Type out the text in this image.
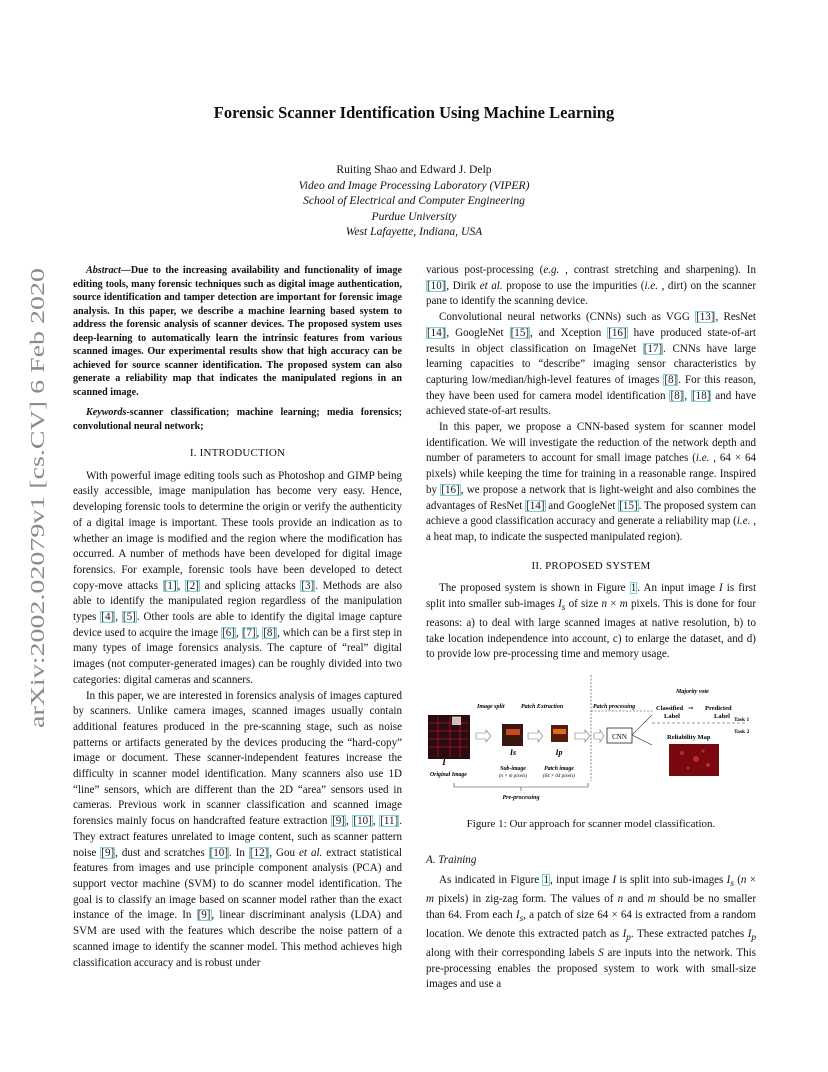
arXiv:2002.02079v1 [cs.CV] 6 Feb 2020
Forensic Scanner Identification Using Machine Learning
Ruiting Shao and Edward J. Delp
Video and Image Processing Laboratory (VIPER)
School of Electrical and Computer Engineering
Purdue University
West Lafayette, Indiana, USA

Abstract—Due to the increasing availability and functionality of image editing tools, many forensic techniques such as digital image authentication, source identification and tamper detection are important for forensic image analysis. In this paper, we describe a machine learning based system to address the forensic analysis of scanner devices. The proposed system uses deep-learning to automatically learn the intrinsic features from various scanned images. Our experimental results show that high accuracy can be achieved for source scanner identification. The proposed system can also generate a reliability map that indicates the manipulated regions in an scanned image.

Keywords-scanner classification; machine learning; media forensics; convolutional neural network;

I. INTRODUCTION

With powerful image editing tools such as Photoshop and GIMP being easily accessible, image manipulation has become very easy. Hence, developing forensic tools to determine the origin or verify the authenticity of a digital image is important. These tools provide an indication as to whether an image is modified and the region where the modification has occurred. A number of methods have been developed for digital image forensics. For example, forensic tools have been developed to detect copy-move attacks [1], [2] and splicing attacks [3]. Methods are also able to identify the manipulated region regardless of the manipulation types [4], [5]. Other tools are able to identify the digital image capture device used to acquire the image [6], [7], [8], which can be a first step in many types of image forensics analysis. The capture of “real” digital images (not computer-generated images) can be roughly divided into two categories: digital cameras and scanners.

In this paper, we are interested in forensics analysis of images captured by scanners. Unlike camera images, scanned images usually contain additional features produced in the pre-scanning stage, such as noise patterns or artifacts generated by the devices producing the “hard-copy” image or document. These scanner-independent features increase the difficulty in scanner model identification. Many scanners also use 1D “line” sensors, which are different than the 2D “area” sensors used in cameras. Previous work in scanner classification and scanned image forensics mainly focus on handcrafted feature extraction [9], [10], [11]. They extract features unrelated to image content, such as scanner pattern noise [9], dust and scratches [10]. In [12], Gou et al. extract statistical features from images and use principle component analysis (PCA) and support vector machine (SVM) to do scanner model identification. The goal is to classify an image based on scanner model rather than the exact instance of the image. In [9], linear discriminant analysis (LDA) and SVM are used with the features which describe the noise pattern of a scanned image to identify the scanner model. This method achieves high classification accuracy and is robust under

various post-processing (e.g. , contrast stretching and sharpening). In [10], Dirik et al. propose to use the impurities (i.e. , dirt) on the scanner pane to identify the scanning device.

Convolutional neural networks (CNNs) such as VGG [13], ResNet [14], GoogleNet [15], and Xception [16] have produced state-of-art results in object classification on ImageNet [17]. CNNs have large learning capacities to “describe” imaging sensor characteristics by capturing low/median/high-level features of images [8]. For this reason, they have been used for camera model identification [8], [18] and have achieved state-of-art results.

In this paper, we propose a CNN-based system for scanner model identification. We will investigate the reduction of the network depth and number of parameters to account for small image patches (i.e. , 64 × 64 pixels) while keeping the time for training in a reasonable range. Inspired by [16], we propose a network that is light-weight and also combines the advantages of ResNet [14] and GoogleNet [15]. The proposed system can achieve a good classification accuracy and generate a reliability map (i.e. , a heat map, to indicate the suspected manipulated region).

II. PROPOSED SYSTEM

The proposed system is shown in Figure 1. An input image I is first split into smaller sub-images $I_s$ of size n × m pixels. This is done for four reasons: a) to deal with large scanned images at native resolution, b) to take location independence into account, c) to enlarge the dataset, and d) to provide low pre-processing time and memory usage.

Image split	Patch Extraction	Patch processing
Majority vote
CNN
Classified ⇒ Predicted
Label	Label Task 1
Task 2
Reliability Map
I
Is	Ip
Original Image
Sub-image
(n × m pixels)
Patch image
(64 × 64 pixels)
Pre-processing
Figure 1: Our approach for scanner model classification.
A. Training

As indicated in Figure 1, input image I is split into sub-images $I_s$ (n × m pixels) in zig-zag form. The values of n and m should be no smaller than 64. From each $I_s$, a patch of size 64 × 64 is extracted from a random location. We denote this extracted patch as $I_p$. These extracted patches $I_p$ along with their corresponding labels S are inputs into the network. This pre-processing enables the proposed system to work with small-size images and use a
